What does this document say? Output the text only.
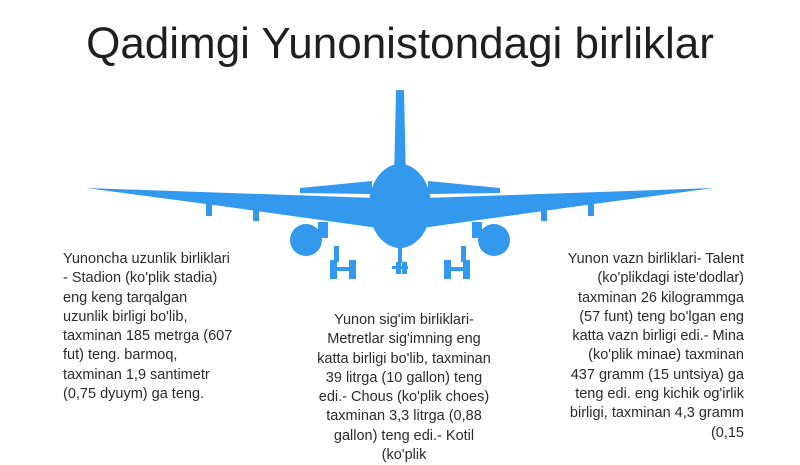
Qadimgi Yunonistondagi birliklar
Yunoncha uzunlik birliklari - Stadion (ko'plik stadia) eng keng tarqalgan uzunlik birligi bo'lib, taxminan 185 metrga (607 fut) teng. barmoq, taxminan 1,9 santimetr (0,75 dyuym) ga teng.
Yunon sig'im birliklari- Metretlar sig'imning eng katta birligi bo'lib, taxminan 39 litrga (10 gallon) teng edi.- Chous (ko'plik choes) taxminan 3,3 litrga (0,88 gallon) teng edi.- Kotil (ko'plik
Yunon vazn birliklari- Talent (ko'plikdagi iste'dodlar) taxminan 26 kilogrammga (57 funt) teng bo'lgan eng katta vazn birligi edi.- Mina (ko'plik minae) taxminan 437 gramm (15 untsiya) ga teng edi. eng kichik og'irlik birligi, taxminan 4,3 gramm (0,15
